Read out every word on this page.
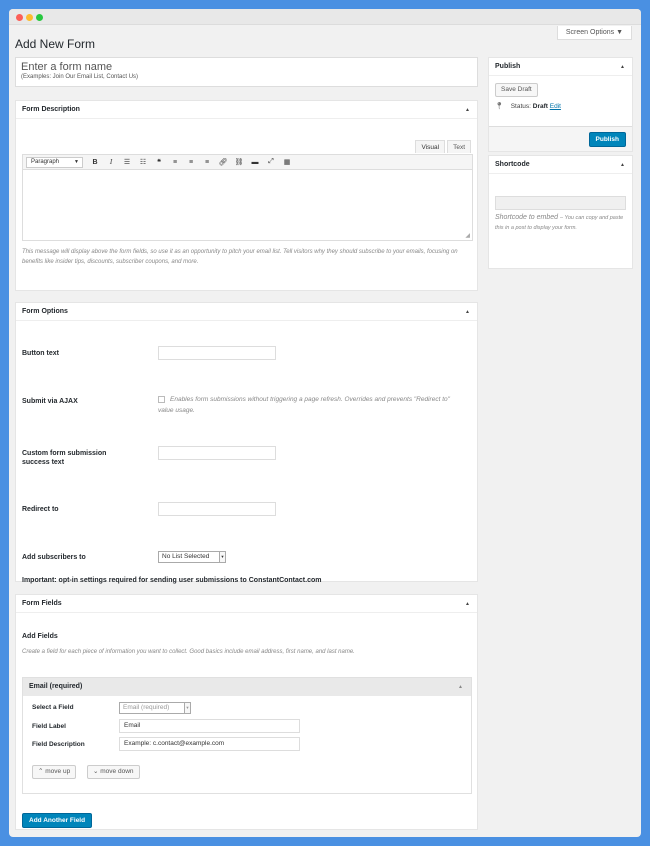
Screen Options ▼
Add New Form
Enter a form name
(Examples: Join Our Email List, Contact Us)
Form Description	▲
Visual	Text
Paragraph	▼	B	I	☰	☷	❝	≡	≡	≡	🔗︎	⛓︎	▬	⤢	▦
◢
This message will display above the form fields, so use it as an opportunity to pitch your email list. Tell visitors why they should subscribe to your emails, focusing on benefits like insider tips, discounts, subscriber coupons, and more.
Form Options	▲
Button text
Submit via AJAX	Enables form submissions without triggering a page refresh. Overrides and prevents "Redirect to" value usage.
Custom form submission success text
Redirect to
Add subscribers to	No List Selected	▼
Important: opt-in settings required for sending user submissions to ConstantContact.com
Form Fields	▲
Add Fields
Create a field for each piece of information you want to collect. Good basics include email address, first name, and last name.
Email (required)	▲
Select a Field	Email (required)	▼
Field Label	Email
Field Description	Example: c.contact@example.com
⌃ move up	⌄ move down
Add Another Field
Publish	▲
Save Draft
📍︎ Status: Draft Edit
Publish
Shortcode	▲
Shortcode to embed – You can copy and paste this in a post to display your form.
